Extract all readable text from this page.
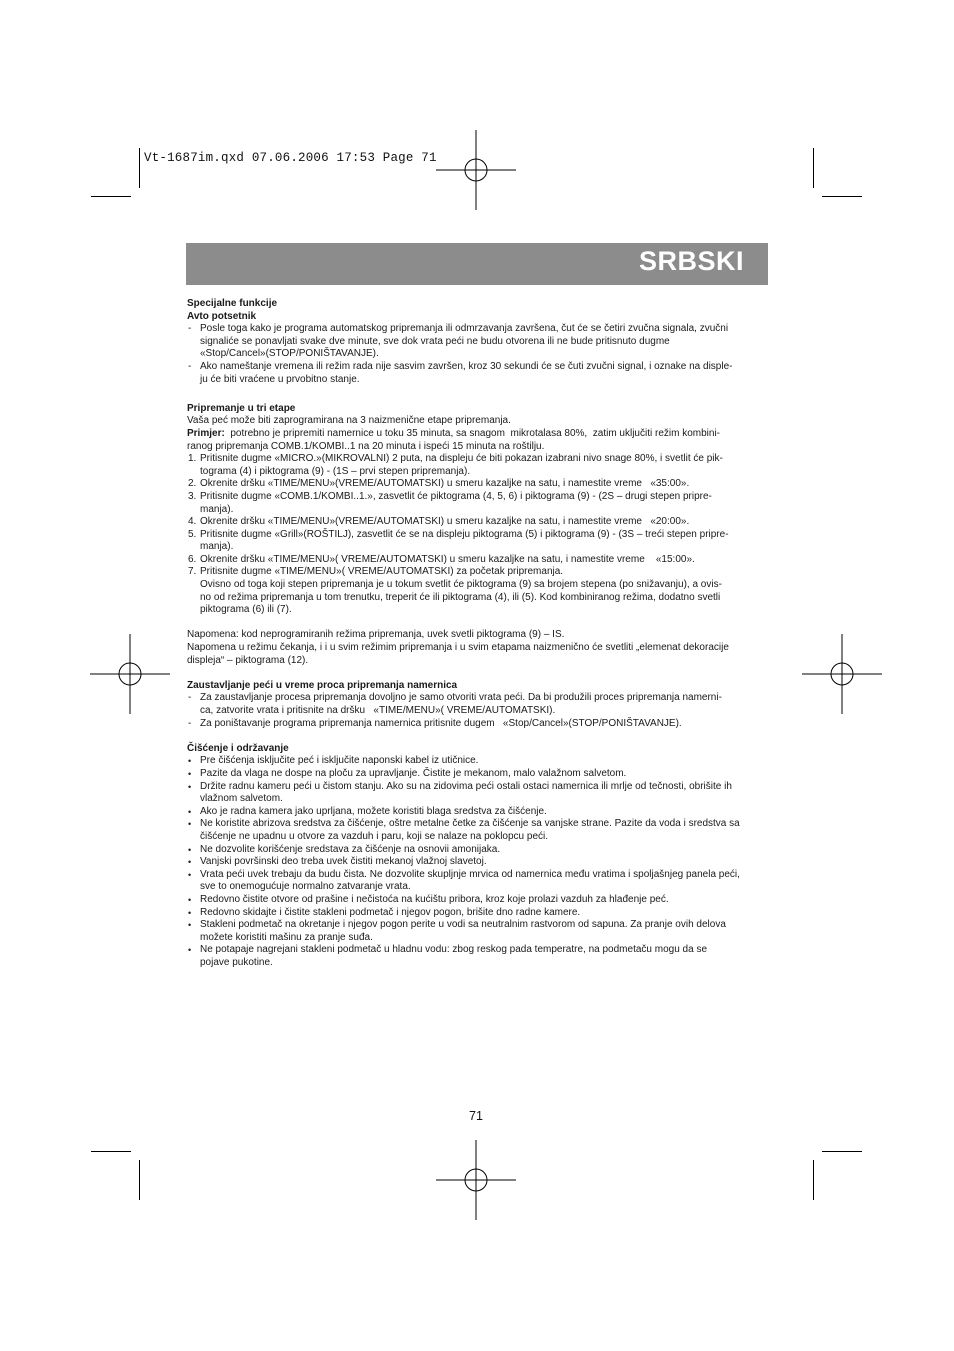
Vt-1687im.qxd 07.06.2006 17:53 Page 71
SRBSKI

Specijalne funkcije

Avto potsetnik

- Posle toga kako je programa automatskog pripremanja ili odmrzavanja završena, čut će se četiri zvučna signala, zvučni

signaliće se ponavljati svake dve minute, sve dok vrata peći ne budu otvorena ili ne bude pritisnuto dugme

«Stop/Cancel»(STOP/PONIŠTAVANJE).

- Ako nameštanje vremena ili režim rada nije sasvim završen, kroz 30 sekundi će se čuti zvučni signal, i oznake na disple-

ju će biti vraćene u prvobitno stanje.

Pripremanje u tri etape

Vaša peć može biti zaprogramirana na 3 naizmenične etape pripremanja.

Primjer:  potrebno je pripremiti namernice u toku 35 minuta, sa snagom  mikrotalasa 80%,  zatim uključiti režim kombini-

ranog pripremanja COMB.1/KOMBI..1 na 20 minuta i ispeći 15 minuta na roštilju.

1. Pritisnite dugme «MICRO.»(MIKROVALNI) 2 puta, na displeju će biti pokazan izabrani nivo snage 80%, i svetlit će pik-

tograma (4) i piktograma (9) - (1S – prvi stepen pripremanja).

2. Okrenite dršku «TIME/MENU»(VREME/AUTOMATSKI) u smeru kazaljke na satu, i namestite vreme   «35:00».

3. Pritisnite dugme «COMB.1/KOMBI..1.», zasvetlit će piktograma (4, 5, 6) i piktograma (9) - (2S – drugi stepen pripre-

manja).

4. Okrenite dršku «TIME/MENU»(VREME/AUTOMATSKI) u smeru kazaljke na satu, i namestite vreme   «20:00».

5. Pritisnite dugme «Grill»(ROŠTILJ), zasvetlit će se na displeju piktograma (5) i piktograma (9) - (3S – treći stepen pripre-

manja).

6. Okrenite dršku «TIME/MENU»( VREME/AUTOMATSKI) u smeru kazaljke na satu, i namestite vreme    «15:00».

7. Pritisnite dugme «TIME/MENU»( VREME/AUTOMATSKI) za početak pripremanja.

Ovisno od toga koji stepen pripremanja je u tokum svetlit će piktograma (9) sa brojem stepena (po snižavanju), a ovis-

no od režima pripremanja u tom trenutku, treperit će ili piktograma (4), ili (5). Kod kombiniranog režima, dodatno svetli

piktograma (6) ili (7).

Napomena: kod neprogramiranih režima pripremanja, uvek svetli piktograma (9) – IS.

Napomena u režimu čekanja, i i u svim režimim pripremanja i u svim etapama naizmenično će svetliti „elemenat dekoracije

displeja“ – piktograma (12).

Zaustavljanje peći u vreme proca pripremanja namernica

- Za zaustavljanje procesa pripremanja dovoljno je samo otvoriti vrata peći. Da bi produžili proces pripremanja namerni-

ca, zatvorite vrata i pritisnite na dršku   «TIME/MENU»( VREME/AUTOMATSKI).

- Za poništavanje programa pripremanja namernica pritisnite dugem   «Stop/Cancel»(STOP/PONIŠTAVANJE).

Čišćenje i održavanje

• Pre čišćenja isključite peć i isključite naponski kabel iz utičnice.

• Pazite da vlaga ne dospe na ploču za upravljanje. Čistite je mekanom, malo valažnom salvetom.

• Držite radnu kameru peći u čistom stanju. Ako su na zidovima peći ostali ostaci namernica ili mrlje od tečnosti, obrišite ih

vlažnom salvetom.

• Ako je radna kamera jako uprljana, možete koristiti blaga sredstva za čišćenje.

• Ne koristite abrizova sredstva za čišćenje, oštre metalne četke za čišćenje sa vanjske strane. Pazite da voda i sredstva sa

čišćenje ne upadnu u otvore za vazduh i paru, koji se nalaze na poklopcu peći.

• Ne dozvolite korišćenje sredstava za čišćenje na osnovii amonijaka.

• Vanjski površinski deo treba uvek čistiti mekanoj vlažnoj slavetoj.

• Vrata peći uvek trebaju da budu čista. Ne dozvolite skupljnje mrvica od namernica među vratima i spoljašnjeg panela peći,

sve to onemogućuje normalno zatvaranje vrata.

• Redovno čistite otvore od prašine i nečistoća na kućištu pribora, kroz koje prolazi vazduh za hlađenje peć.

• Redovno skidajte i čistite stakleni podmetač i njegov pogon, brišite dno radne kamere.

• Stakleni podmetač na okretanje i njegov pogon perite u vodi sa neutralnim rastvorom od sapuna. Za pranje ovih delova

možete koristiti mašinu za pranje suđa.

• Ne potapaje nagrejani stakleni podmetač u hladnu vodu: zbog reskog pada temperatre, na podmetaču mogu da se

pojave pukotine.

71
